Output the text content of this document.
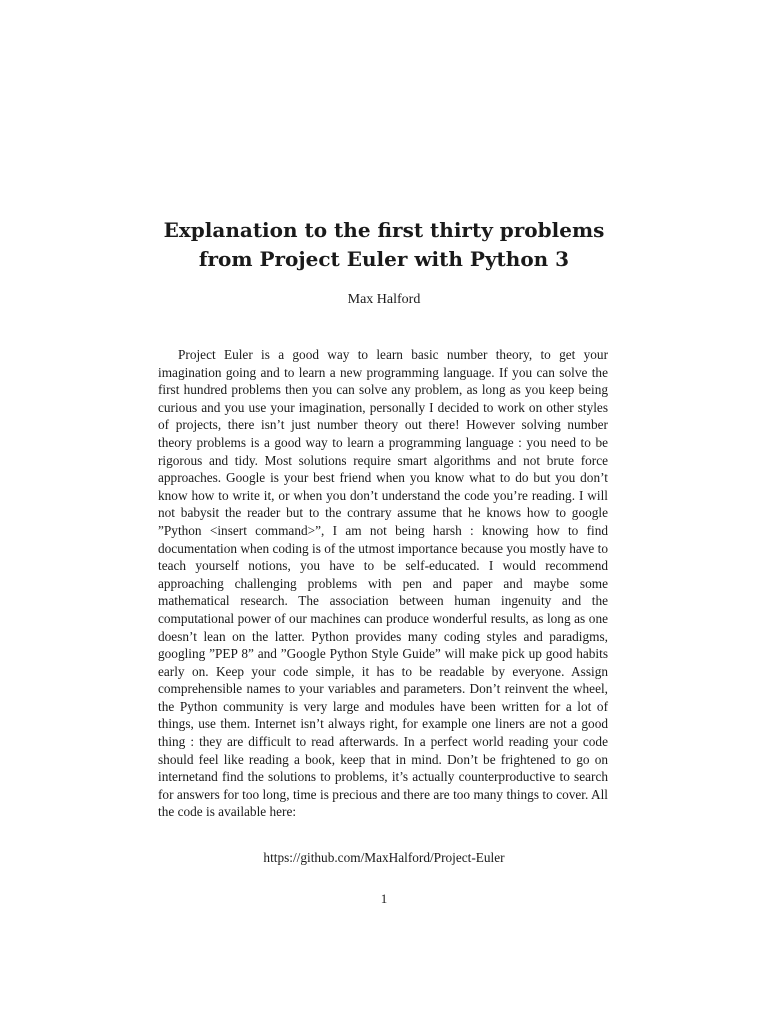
Explanation to the first thirty problems
from Project Euler with Python 3
Max Halford

Project Euler is a good way to learn basic number theory, to get your imagination going and to learn a new programming language. If you can solve the first hundred problems then you can solve any problem, as long as you keep being curious and you use your imagination, personally I decided to work on other styles of projects, there isn’t just number theory out there! However solving number theory problems is a good way to learn a programming language : you need to be rigorous and tidy. Most solutions require smart algorithms and not brute force approaches. Google is your best friend when you know what to do but you don’t know how to write it, or when you don’t understand the code you’re reading. I will not babysit the reader but to the contrary assume that he knows how to google ”Python <insert command>”, I am not being harsh : knowing how to find documentation when coding is of the utmost importance because you mostly have to teach yourself notions, you have to be self-educated. I would recommend approaching challenging problems with pen and paper and maybe some mathematical research. The association between human ingenuity and the computational power of our machines can produce wonderful results, as long as one doesn’t lean on the latter. Python provides many coding styles and paradigms, googling ”PEP 8” and ”Google Python Style Guide” will make pick up good habits early on. Keep your code simple, it has to be readable by everyone. Assign comprehensible names to your variables and parameters. Don’t reinvent the wheel, the Python community is very large and modules have been written for a lot of things, use them. Internet isn’t always right, for example one liners are not a good thing : they are difficult to read afterwards. In a perfect world reading your code should feel like reading a book, keep that in mind. Don’t be frightened to go on internetand find the solutions to problems, it’s actually counterproductive to search for answers for too long, time is precious and there are too many things to cover. All the code is available here:

https://github.com/MaxHalford/Project-Euler
1
